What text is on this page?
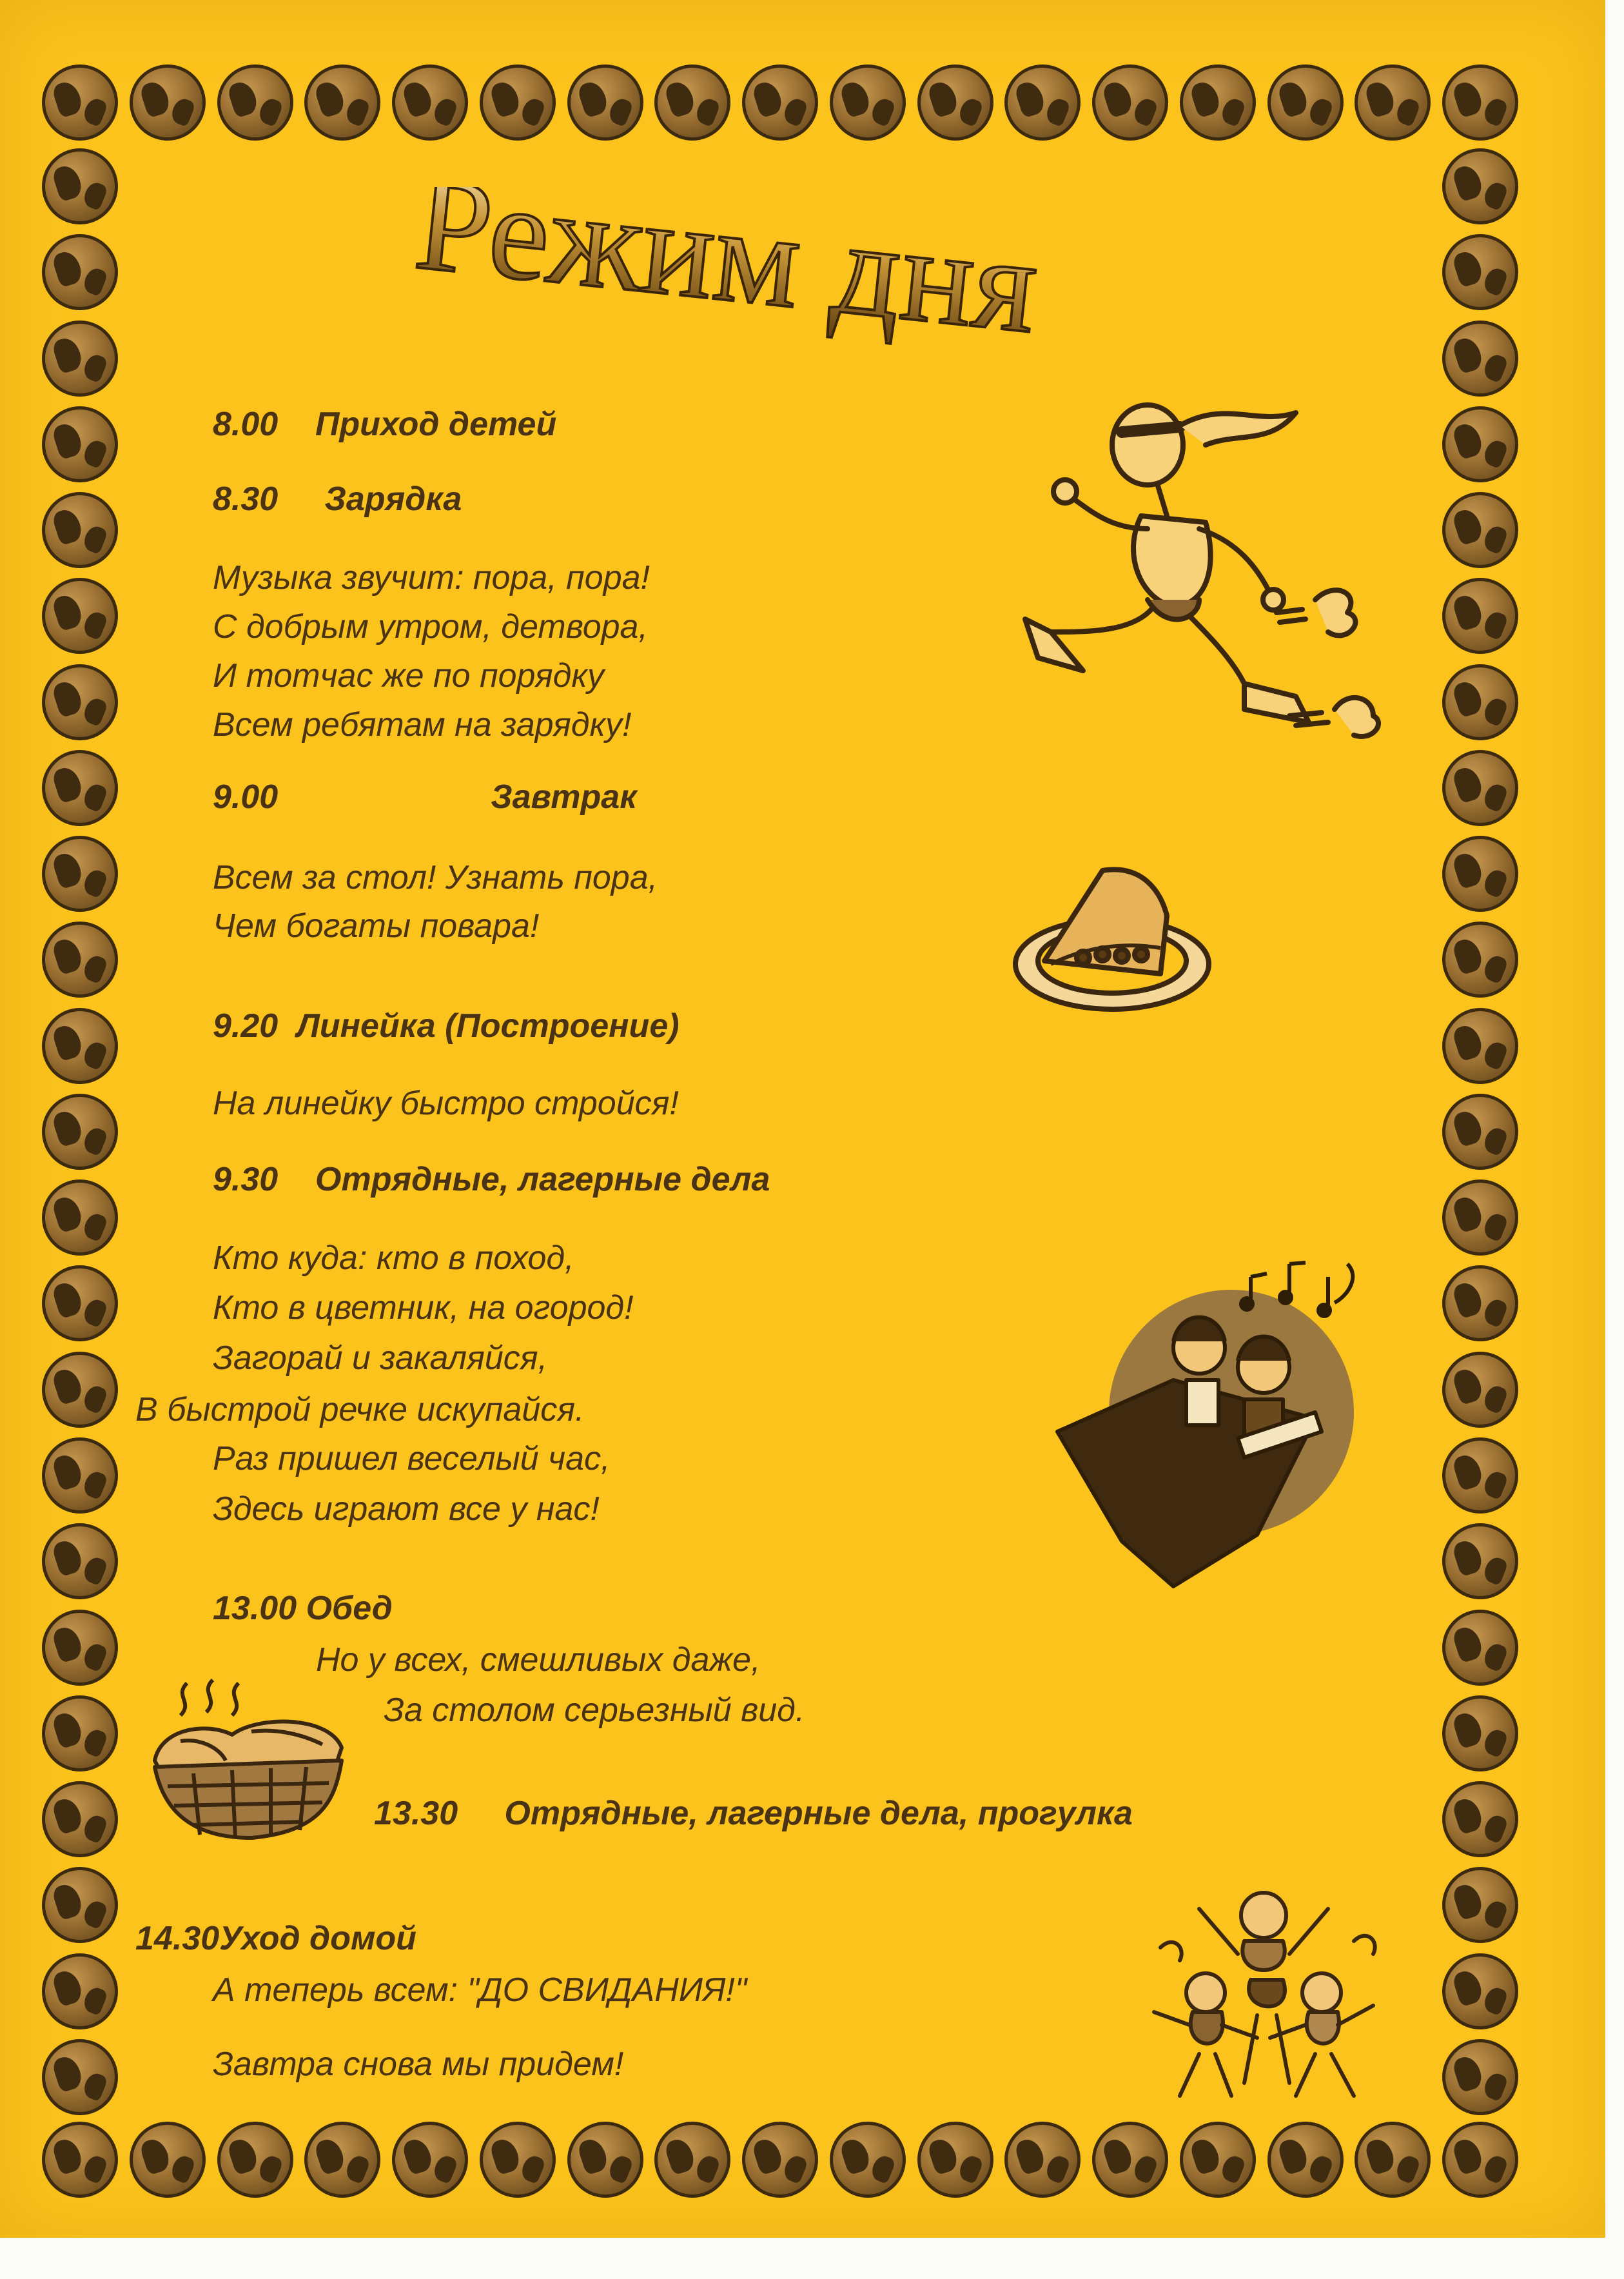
Режим дня
8.00 Приход детей
8.30 Зарядка
Музыка звучит: пора, пора!
С добрым утром, детвора,
И тотчас же по порядку
Всем ребятам на зарядку!
9.00	Завтрак
Всем за стол! Узнать пора,
Чем богаты повара!
9.20 Линейка (Построение)
На линейку быстро стройся!
9.30 Отрядные, лагерные дела
Кто куда: кто в поход,
Кто в цветник, на огород!
Загорай и закаляйся,
В быстрой речке искупайся.
Раз пришел веселый час,
Здесь играют все у нас!
13.00 Обед
Но у всех, смешливых даже,
За столом серьезный вид.
13.30 Отрядные, лагерные дела, прогулка
14.30Уход домой
А теперь всем: "ДО СВИДАНИЯ!"
Завтра снова мы придем!
